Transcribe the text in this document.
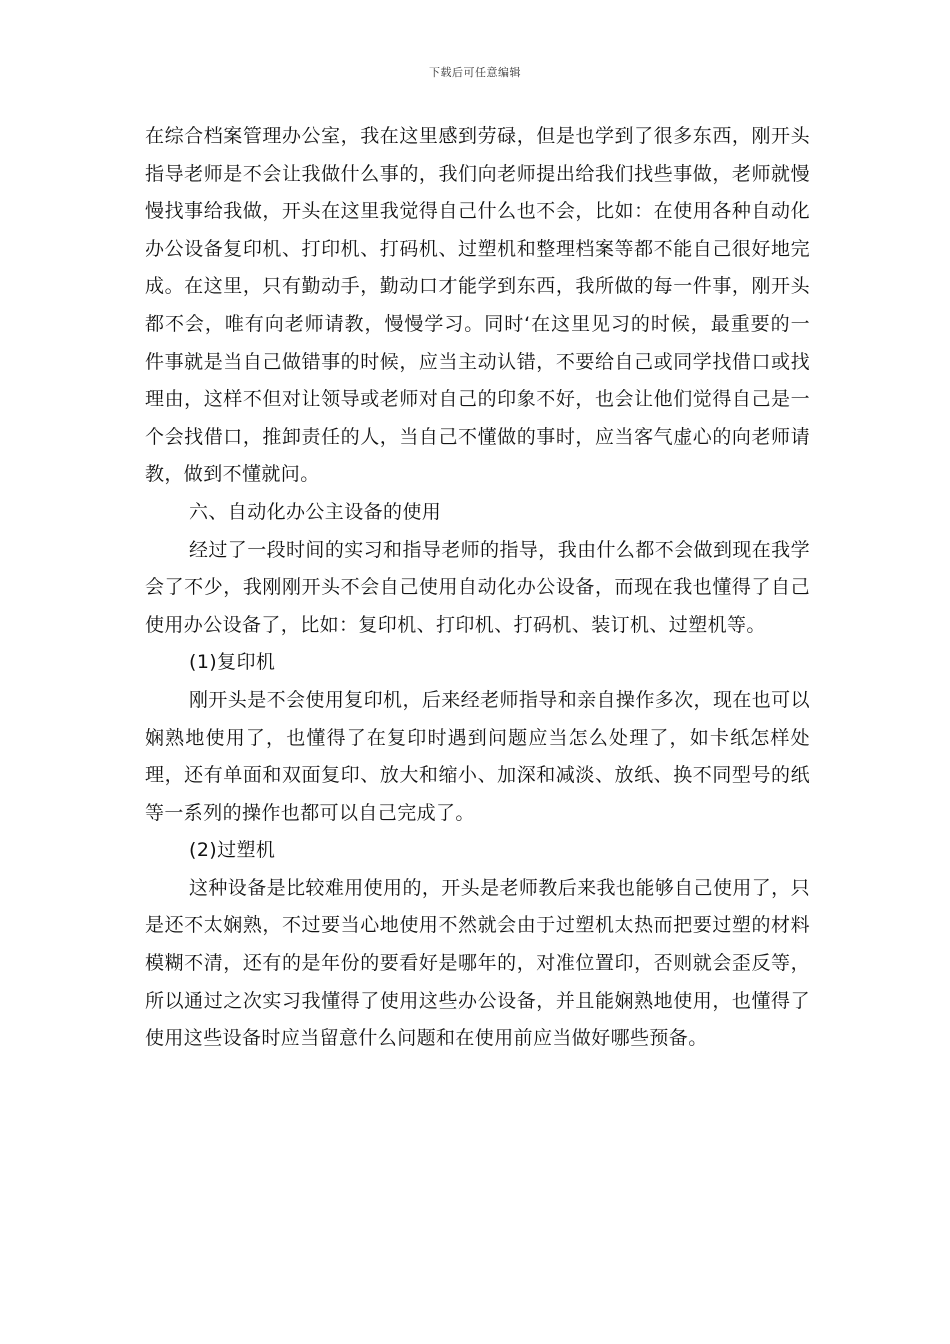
下载后可任意编辑

在综合档案管理办公室，我在这里感到劳碌，但是也学到了很多东西，刚开头指导老师是不会让我做什么事的，我们向老师提出给我们找些事做，老师就慢慢找事给我做，开头在这里我觉得自己什么也不会，比如：在使用各种自动化办公设备复印机、打印机、打码机、过塑机和整理档案等都不能自己很好地完成。在这里，只有勤动手，勤动口才能学到东西，我所做的每一件事，刚开头都不会，唯有向老师请教，慢慢学习。同时‘在这里见习的时候，最重要的一件事就是当自己做错事的时候，应当主动认错，不要给自己或同学找借口或找理由，这样不但对让领导或老师对自己的印象不好，也会让他们觉得自己是一个会找借口，推卸责任的人，当自己不懂做的事时，应当客气虚心的向老师请教，做到不懂就问。

六、自动化办公主设备的使用

经过了一段时间的实习和指导老师的指导，我由什么都不会做到现在我学会了不少，我刚刚开头不会自己使用自动化办公设备，而现在我也懂得了自己使用办公设备了，比如：复印机、打印机、打码机、装订机、过塑机等。

(1)复印机

刚开头是不会使用复印机，后来经老师指导和亲自操作多次，现在也可以娴熟地使用了，也懂得了在复印时遇到问题应当怎么处理了，如卡纸怎样处理，还有单面和双面复印、放大和缩小、加深和减淡、放纸、换不同型号的纸等一系列的操作也都可以自己完成了。

(2)过塑机

这种设备是比较难用使用的，开头是老师教后来我也能够自己使用了，只是还不太娴熟，不过要当心地使用不然就会由于过塑机太热而把要过塑的材料模糊不清，还有的是年份的要看好是哪年的，对准位置印，否则就会歪反等，所以通过之次实习我懂得了使用这些办公设备，并且能娴熟地使用，也懂得了使用这些设备时应当留意什么问题和在使用前应当做好哪些预备。
